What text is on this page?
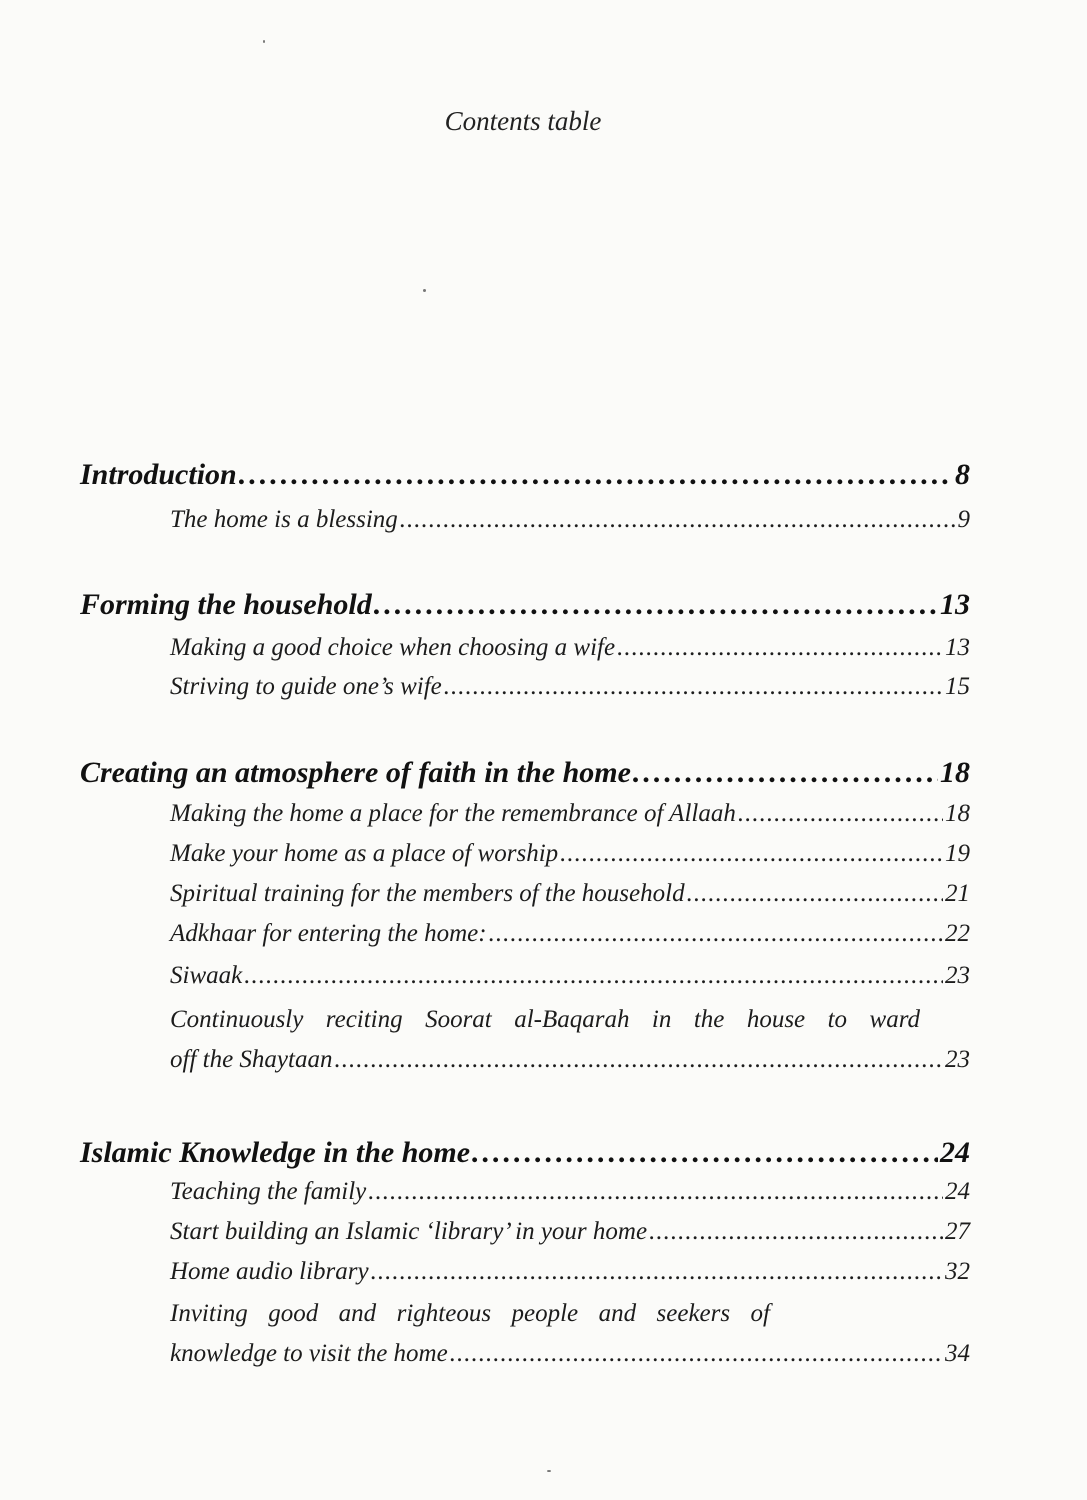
Contents table
Introduction .....	8
The home is a blessing .....	9
Forming the household .....	13
Making a good choice when choosing a wife .....	13
Striving to guide one’s wife .....	15
Creating an atmosphere of faith in the home .....	18
Making the home a place for the remembrance of Allaah .....	18
Make your home as a place of worship .....	19
Spiritual training for the members of the household .....	21
Adkhaar for entering the home: .....	22
Siwaak .....	23
Continuously reciting Soorat al-Baqarah in the house to ward
off the Shaytaan .....	23
Islamic Knowledge in the home .....	24
Teaching the family .....	24
Start building an Islamic ‘library’ in your home .....	27
Home audio library .....	32
Inviting good and righteous people and seekers of
knowledge to visit the home .....	34
